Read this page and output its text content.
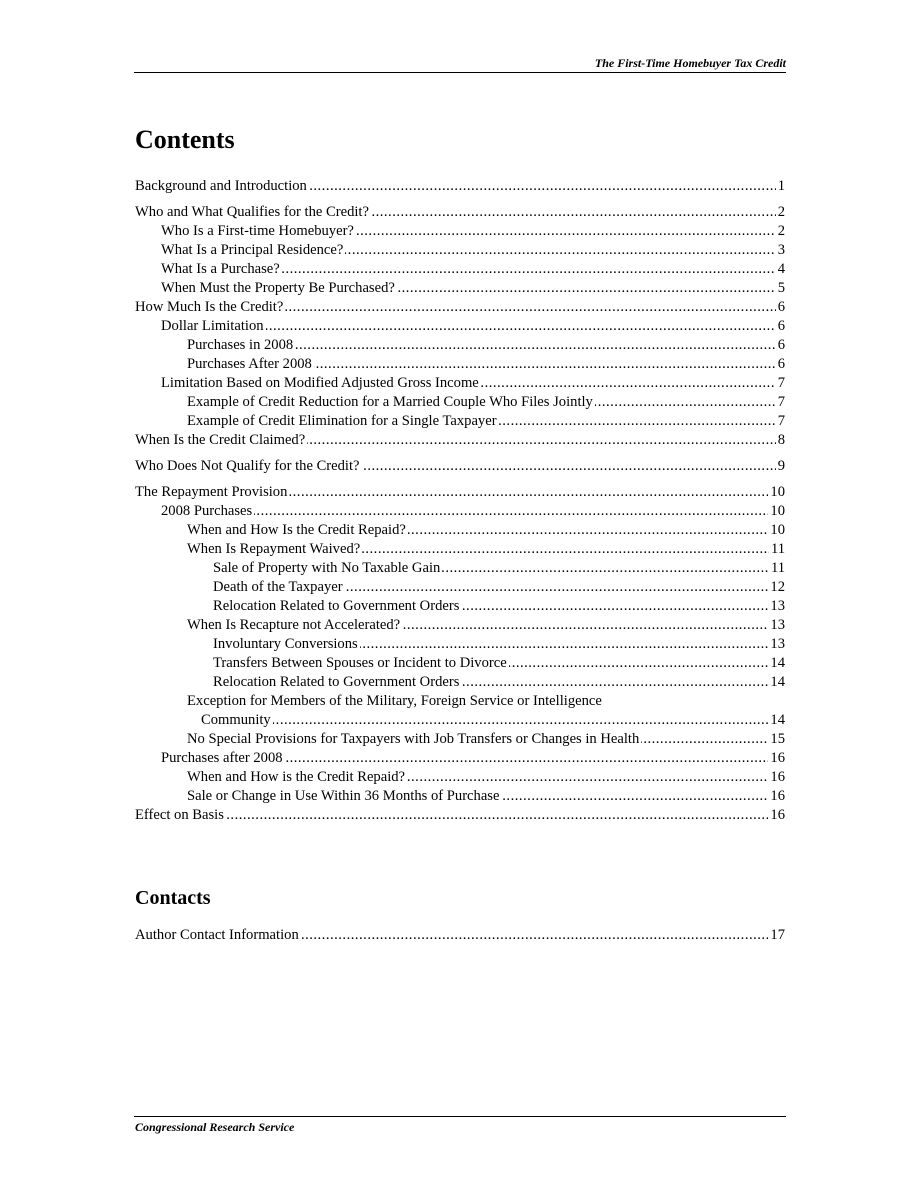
The First-Time Homebuyer Tax Credit
Contents
..... Background and Introduction	1
..... Who and What Qualifies for the Credit?	2
..... Who Is a First-time Homebuyer?	2
..... What Is a Principal Residence?	3
..... What Is a Purchase?	4
..... When Must the Property Be Purchased?	5
..... How Much Is the Credit?	6
..... Dollar Limitation	6
..... Purchases in 2008	6
..... Purchases After 2008	6
..... Limitation Based on Modified Adjusted Gross Income	7
..... Example of Credit Reduction for a Married Couple Who Files Jointly	7
..... Example of Credit Elimination for a Single Taxpayer	7
..... When Is the Credit Claimed?	8
..... Who Does Not Qualify for the Credit?	9
..... The Repayment Provision	10
..... 2008 Purchases	10
..... When and How Is the Credit Repaid?	10
..... When Is Repayment Waived?	11
..... Sale of Property with No Taxable Gain	11
..... Death of the Taxpayer	12
..... Relocation Related to Government Orders	13
..... When Is Recapture not Accelerated?	13
..... Involuntary Conversions	13
..... Transfers Between Spouses or Incident to Divorce	14
..... Relocation Related to Government Orders	14
Exception for Members of the Military, Foreign Service or Intelligence
..... Community	14
..... No Special Provisions for Taxpayers with Job Transfers or Changes in Health	15
..... Purchases after 2008	16
..... When and How is the Credit Repaid?	16
..... Sale or Change in Use Within 36 Months of Purchase	16
..... Effect on Basis	16
Contacts
..... Author Contact Information	17
Congressional Research Service
